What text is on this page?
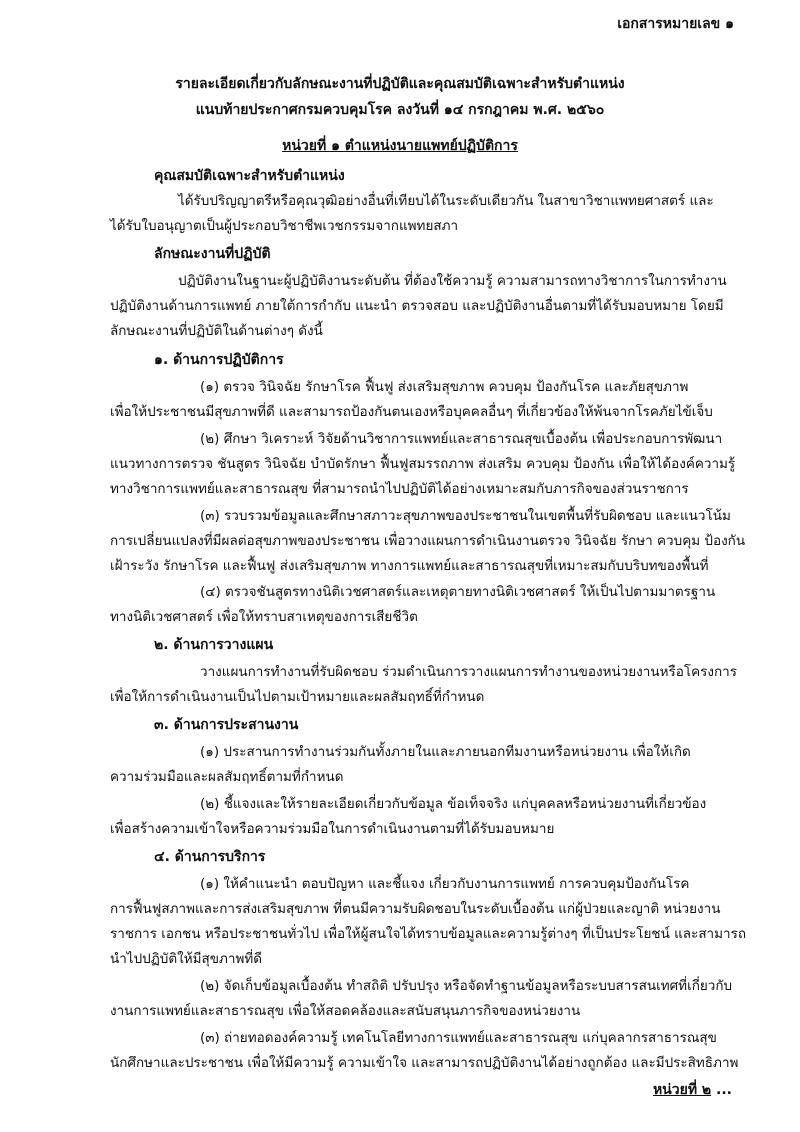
เอกสารหมายเลข ๑
รายละเอียดเกี่ยวกับลักษณะงานที่ปฏิบัติและคุณสมบัติเฉพาะสำหรับตำแหน่ง
แนบท้ายประกาศกรมควบคุมโรค ลงวันที่ ๑๔ กรกฎาคม พ.ศ. ๒๕๖๐
หน่วยที่ ๑ ตำแหน่งนายแพทย์ปฏิบัติการ
คุณสมบัติเฉพาะสำหรับตำแหน่ง
ได้รับปริญญาตรีหรือคุณวุฒิอย่างอื่นที่เทียบได้ในระดับเดียวกัน ในสาขาวิชาแพทยศาสตร์ และ
ได้รับใบอนุญาตเป็นผู้ประกอบวิชาชีพเวชกรรมจากแพทยสภา
ลักษณะงานที่ปฏิบัติ
ปฏิบัติงานในฐานะผู้ปฏิบัติงานระดับต้น ที่ต้องใช้ความรู้ ความสามารถทางวิชาการในการทำงาน
ปฏิบัติงานด้านการแพทย์ ภายใต้การกำกับ แนะนำ ตรวจสอบ และปฏิบัติงานอื่นตามที่ได้รับมอบหมาย โดยมี
ลักษณะงานที่ปฏิบัติในด้านต่างๆ ดังนี้
๑. ด้านการปฏิบัติการ
(๑) ตรวจ วินิจฉัย รักษาโรค ฟื้นฟู ส่งเสริมสุขภาพ ควบคุม ป้องกันโรค และภัยสุขภาพ
เพื่อให้ประชาชนมีสุขภาพที่ดี และสามารถป้องกันตนเองหรือบุคคลอื่นๆ ที่เกี่ยวข้องให้พ้นจากโรคภัยไข้เจ็บ
(๒) ศึกษา วิเคราะห์ วิจัยด้านวิชาการแพทย์และสาธารณสุขเบื้องต้น เพื่อประกอบการพัฒนา
แนวทางการตรวจ ชันสูตร วินิจฉัย บำบัดรักษา ฟื้นฟูสมรรถภาพ ส่งเสริม ควบคุม ป้องกัน เพื่อให้ได้องค์ความรู้
ทางวิชาการแพทย์และสาธารณสุข ที่สามารถนำไปปฏิบัติได้อย่างเหมาะสมกับภารกิจของส่วนราชการ
(๓) รวบรวมข้อมูลและศึกษาสภาวะสุขภาพของประชาชนในเขตพื้นที่รับผิดชอบ และแนวโน้ม
การเปลี่ยนแปลงที่มีผลต่อสุขภาพของประชาชน เพื่อวางแผนการดำเนินงานตรวจ วินิจฉัย รักษา ควบคุม ป้องกัน
เฝ้าระวัง รักษาโรค และฟื้นฟู ส่งเสริมสุขภาพ ทางการแพทย์และสาธารณสุขที่เหมาะสมกับบริบทของพื้นที่
(๔) ตรวจชันสูตรทางนิติเวชศาสตร์และเหตุตายทางนิติเวชศาสตร์ ให้เป็นไปตามมาตรฐาน
ทางนิติเวชศาสตร์ เพื่อให้ทราบสาเหตุของการเสียชีวิต
๒. ด้านการวางแผน
วางแผนการทำงานที่รับผิดชอบ ร่วมดำเนินการวางแผนการทำงานของหน่วยงานหรือโครงการ
เพื่อให้การดำเนินงานเป็นไปตามเป้าหมายและผลสัมฤทธิ์ที่กำหนด
๓. ด้านการประสานงาน
(๑) ประสานการทำงานร่วมกันทั้งภายในและภายนอกทีมงานหรือหน่วยงาน เพื่อให้เกิด
ความร่วมมือและผลสัมฤทธิ์ตามที่กำหนด
(๒) ชี้แจงและให้รายละเอียดเกี่ยวกับข้อมูล ข้อเท็จจริง แก่บุคคลหรือหน่วยงานที่เกี่ยวข้อง
เพื่อสร้างความเข้าใจหรือความร่วมมือในการดำเนินงานตามที่ได้รับมอบหมาย
๔. ด้านการบริการ
(๑) ให้คำแนะนำ ตอบปัญหา และชี้แจง เกี่ยวกับงานการแพทย์ การควบคุมป้องกันโรค
การฟื้นฟูสภาพและการส่งเสริมสุขภาพ ที่ตนมีความรับผิดชอบในระดับเบื้องต้น แก่ผู้ป่วยและญาติ หน่วยงาน
ราชการ เอกชน หรือประชาชนทั่วไป เพื่อให้ผู้สนใจได้ทราบข้อมูลและความรู้ต่างๆ ที่เป็นประโยชน์ และสามารถ
นำไปปฏิบัติให้มีสุขภาพที่ดี
(๒) จัดเก็บข้อมูลเบื้องต้น ทำสถิติ ปรับปรุง หรือจัดทำฐานข้อมูลหรือระบบสารสนเทศที่เกี่ยวกับ
งานการแพทย์และสาธารณสุข เพื่อให้สอดคล้องและสนับสนุนภารกิจของหน่วยงาน
(๓) ถ่ายทอดองค์ความรู้ เทคโนโลยีทางการแพทย์และสาธารณสุข แก่บุคลากรสาธารณสุข
นักศึกษาและประชาชน เพื่อให้มีความรู้ ความเข้าใจ และสามารถปฏิบัติงานได้อย่างถูกต้อง และมีประสิทธิภาพ
หน่วยที่ ๒ ...
